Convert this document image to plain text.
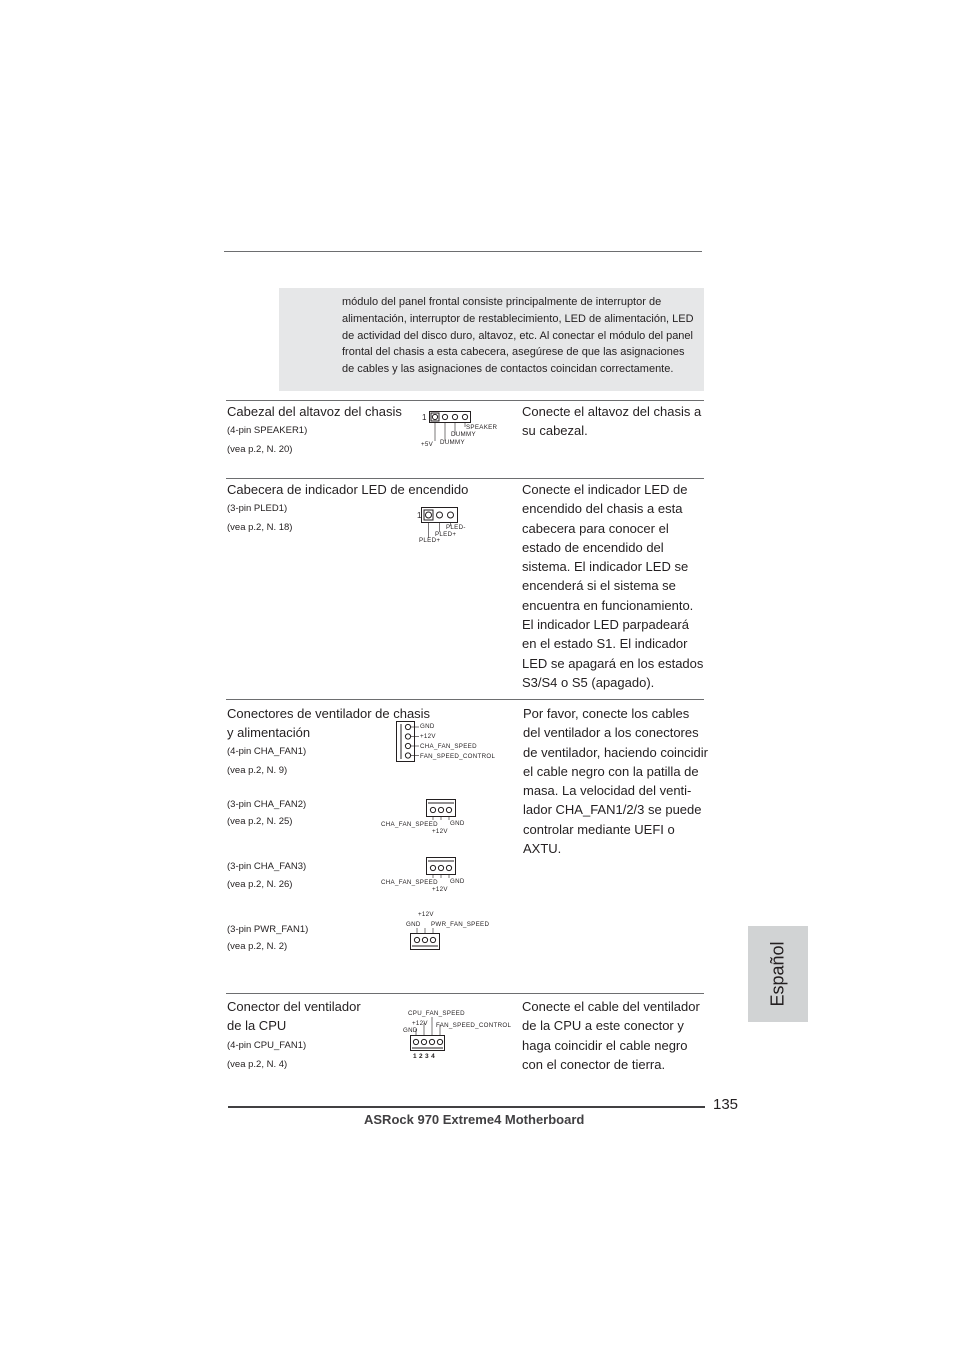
módulo del panel frontal consiste principalmente de interruptor de
alimentación, interruptor de restablecimiento, LED de alimentación, LED
de actividad del disco duro, altavoz, etc. Al conectar el módulo del panel
frontal del chasis a esta cabecera, asegúrese de que las asignaciones
de cables y las asignaciones de contactos coincidan correctamente.
Cabezal del altavoz del chasis
(4-pin SPEAKER1)
(vea p.2, N. 20)
Conecte el altavoz del chasis a
su cabezal.
1
SPEAKER
DUMMY
+5V DUMMY
Cabecera de indicador LED de encendido
(3-pin PLED1)
(vea p.2, N. 18)
Conecte el indicador LED de
encendido del chasis a esta
cabecera para conocer el
estado de encendido del
sistema. El indicador LED se
encenderá si el sistema se
encuentra en funcionamiento.
El indicador LED parpadeará
en el estado S1. El indicador
LED se apagará en los estados
S3/S4 o S5 (apagado).
1
PLED-
PLED+
PLED+
Conectores de ventilador de chasis
y alimentación
(4-pin CHA_FAN1)
(vea p.2, N. 9)
(3-pin CHA_FAN2)
(vea p.2, N. 25)
(3-pin CHA_FAN3)
(vea p.2, N. 26)
(3-pin PWR_FAN1)
(vea p.2, N. 2)
Por favor, conecte los cables
del ventilador a los conectores
de ventilador, haciendo coincidir
el cable negro con la patilla de
masa. La velocidad del venti-
lador CHA_FAN1/2/3 se puede
controlar mediante UEFI o
AXTU.
GND
+12V
CHA_FAN_SPEED
FAN_SPEED_CONTROL
CHA_FAN_SPEED GND
+12V
CHA_FAN_SPEED GND
+12V
+12V
GND PWR_FAN_SPEED
Conector del ventilador
de la CPU
(4-pin CPU_FAN1)
(vea p.2, N. 4)
Conecte el cable del ventilador
de la CPU a este conector y
haga coincidir el cable negro
con el conector de tierra.
CPU_FAN_SPEED
+12V
GND
FAN_SPEED_CONTROL
1 2 3 4
Español
135
ASRock 970 Extreme4 Motherboard
